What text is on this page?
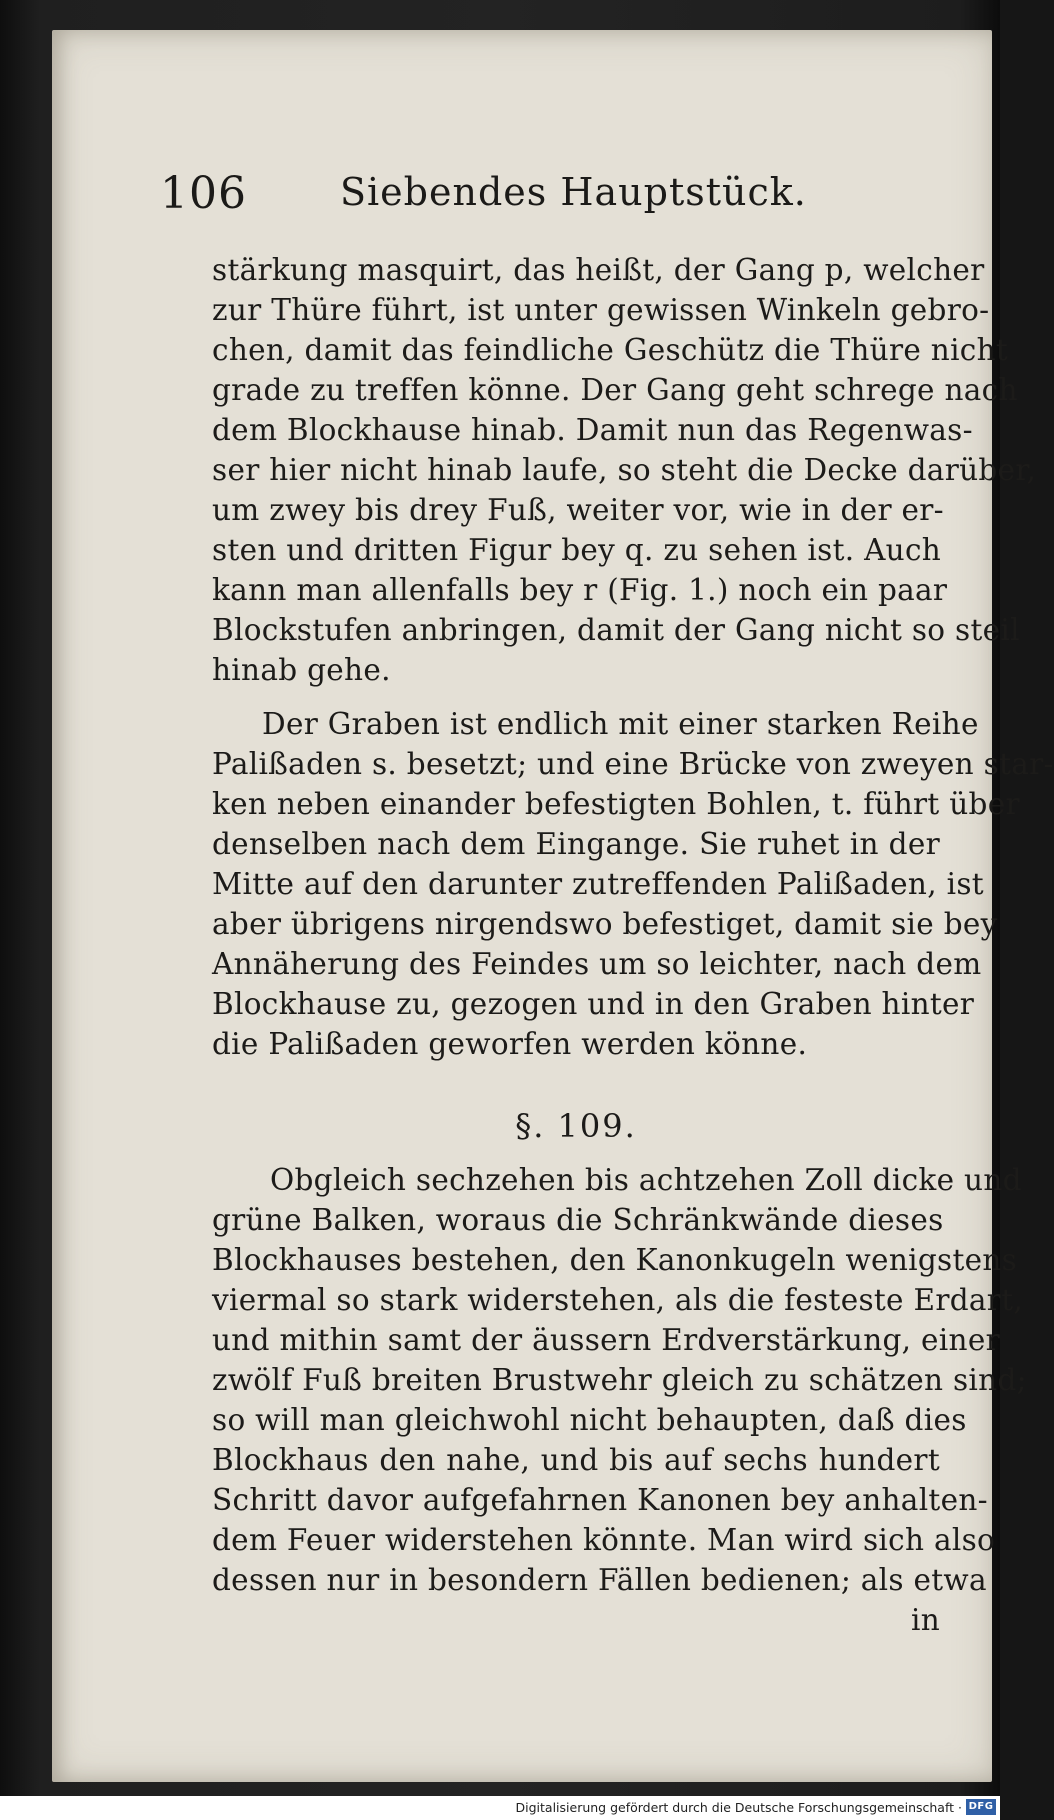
106 Siebendes Hauptstück.
stärkung masquirt, das heißt, der Gang p, welcher
zur Thüre führt, ist unter gewissen Winkeln gebro-
chen, damit das feindliche Geschütz die Thüre nicht
grade zu treffen könne. Der Gang geht schrege nach
dem Blockhause hinab. Damit nun das Regenwas-
ser hier nicht hinab laufe, so steht die Decke darüber,
um zwey bis drey Fuß, weiter vor, wie in der er-
sten und dritten Figur bey q. zu sehen ist. Auch
kann man allenfalls bey r (Fig. 1.) noch ein paar
Blockstufen anbringen, damit der Gang nicht so steil
hinab gehe.
Der Graben ist endlich mit einer starken Reihe
Palißaden s. besetzt; und eine Brücke von zweyen star-
ken neben einander befestigten Bohlen, t. führt über
denselben nach dem Eingange. Sie ruhet in der
Mitte auf den darunter zutreffenden Palißaden, ist
aber übrigens nirgendswo befestiget, damit sie bey
Annäherung des Feindes um so leichter, nach dem
Blockhause zu, gezogen und in den Graben hinter
die Palißaden geworfen werden könne.
§. 109.
Obgleich sechzehen bis achtzehen Zoll dicke und
grüne Balken, woraus die Schränkwände dieses
Blockhauses bestehen, den Kanonkugeln wenigstens
viermal so stark widerstehen, als die festeste Erdart,
und mithin samt der äussern Erdverstärkung, einer
zwölf Fuß breiten Brustwehr gleich zu schätzen sind;
so will man gleichwohl nicht behaupten, daß dies
Blockhaus den nahe, und bis auf sechs hundert
Schritt davor aufgefahrnen Kanonen bey anhalten-
dem Feuer widerstehen könnte. Man wird sich also
dessen nur in besondern Fällen bedienen; als etwa
in
Digitalisierung gefördert durch die Deutsche Forschungsgemeinschaft · DFG
